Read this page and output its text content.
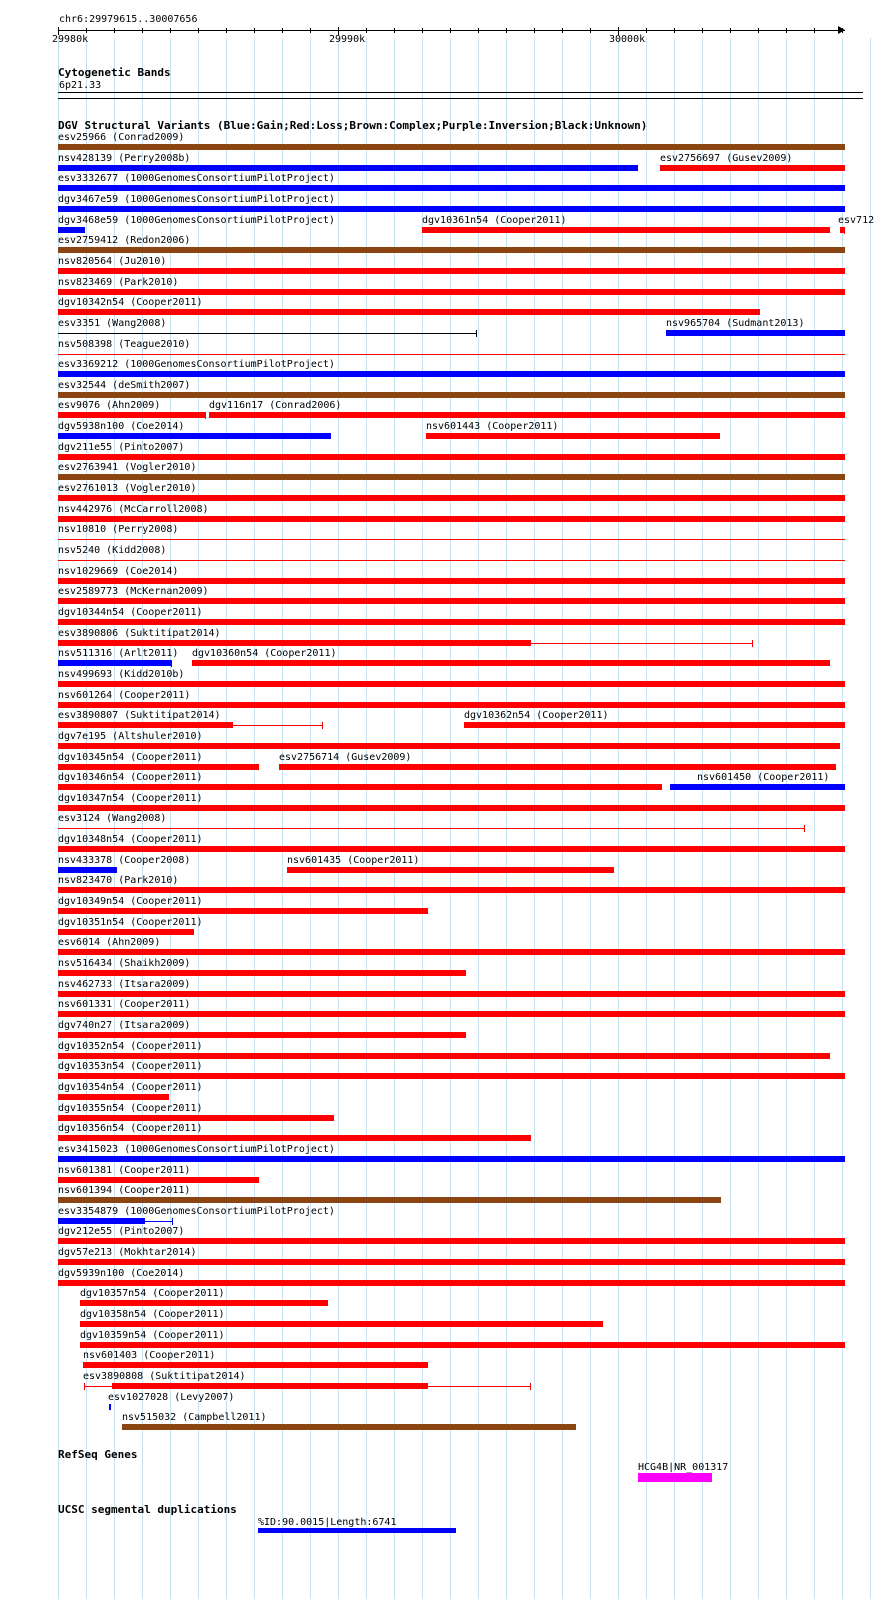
chr6:29979615..30007656
29980k	29990k	30000k
Cytogenetic Bands
6p21.33
DGV Structural Variants (Blue:Gain;Red:Loss;Brown:Complex;Purple:Inversion;Black:Unknown)
esv25966 (Conrad2009)
nsv428139 (Perry2008b)	esv2756697 (Gusev2009)
esv3332677 (1000GenomesConsortiumPilotProject)
dgv3467e59 (1000GenomesConsortiumPilotProject)
dgv3468e59 (1000GenomesConsortiumPilotProject)	dgv10361n54 (Cooper2011)	esv712
esv2759412 (Redon2006)
nsv820564 (Ju2010)
nsv823469 (Park2010)
dgv10342n54 (Cooper2011)
esv3351 (Wang2008)	nsv965704 (Sudmant2013)
nsv508398 (Teague2010)
esv3369212 (1000GenomesConsortiumPilotProject)
esv32544 (deSmith2007)
esv9076 (Ahn2009)	dgv116n17 (Conrad2006)
dgv5938n100 (Coe2014)	nsv601443 (Cooper2011)
dgv211e55 (Pinto2007)
esv2763941 (Vogler2010)
esv2761013 (Vogler2010)
nsv442976 (McCarroll2008)
nsv10810 (Perry2008)
nsv5240 (Kidd2008)
nsv1029669 (Coe2014)
esv2589773 (McKernan2009)
dgv10344n54 (Cooper2011)
esv3890806 (Suktitipat2014)
nsv511316 (Arlt2011) dgv10360n54 (Cooper2011)
nsv499693 (Kidd2010b)
nsv601264 (Cooper2011)
esv3890807 (Suktitipat2014)	dgv10362n54 (Cooper2011)
dgv7e195 (Altshuler2010)
dgv10345n54 (Cooper2011)	esv2756714 (Gusev2009)
dgv10346n54 (Cooper2011)	nsv601450 (Cooper2011)
dgv10347n54 (Cooper2011)
esv3124 (Wang2008)
dgv10348n54 (Cooper2011)
nsv433378 (Cooper2008)	nsv601435 (Cooper2011)
nsv823470 (Park2010)
dgv10349n54 (Cooper2011)
dgv10351n54 (Cooper2011)
esv6014 (Ahn2009)
nsv516434 (Shaikh2009)
nsv462733 (Itsara2009)
nsv601331 (Cooper2011)
dgv740n27 (Itsara2009)
dgv10352n54 (Cooper2011)
dgv10353n54 (Cooper2011)
dgv10354n54 (Cooper2011)
dgv10355n54 (Cooper2011)
dgv10356n54 (Cooper2011)
esv3415023 (1000GenomesConsortiumPilotProject)
nsv601381 (Cooper2011)
nsv601394 (Cooper2011)
esv3354879 (1000GenomesConsortiumPilotProject)
dgv212e55 (Pinto2007)
dgv57e213 (Mokhtar2014)
dgv5939n100 (Coe2014)
dgv10357n54 (Cooper2011)
dgv10358n54 (Cooper2011)
dgv10359n54 (Cooper2011)
nsv601403 (Cooper2011)
esv3890808 (Suktitipat2014)
esv1027028 (Levy2007)
nsv515032 (Campbell2011)
RefSeq Genes
HCG4B|NR_001317
UCSC segmental duplications
%ID:90.0015|Length:6741
